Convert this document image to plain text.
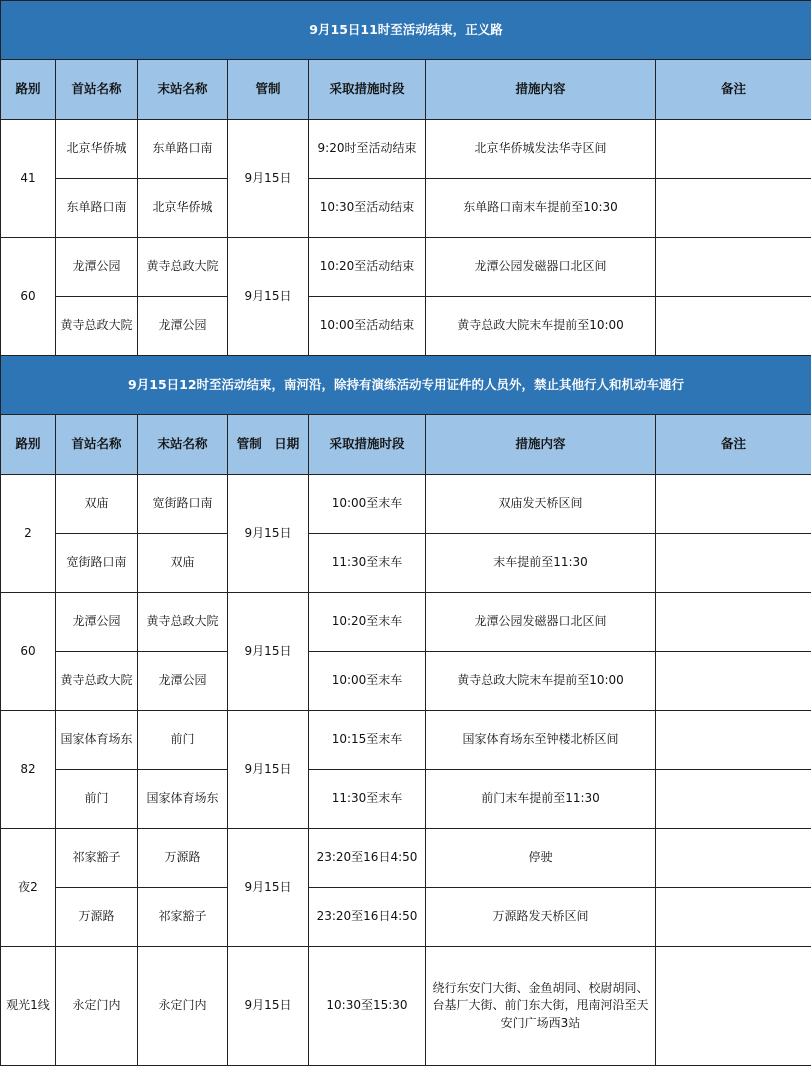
9月15日11时至活动结束，正义路						
路别	首站名称	末站名称	管制	采取措施时段	措施内容	备注
41	北京华侨城	东单路口南	9月15日	9:20时至活动结束	北京华侨城发法华寺区间	
	东单路口南	北京华侨城		10:30至活动结束	东单路口南末车提前至10:30	
60	龙潭公园	黄寺总政大院	9月15日	10:20至活动结束	龙潭公园发磁器口北区间	
	黄寺总政大院	龙潭公园		10:00至活动结束	黄寺总政大院末车提前至10:00	
9月15日12时至活动结束，南河沿，除持有演练活动专用证件的人员外，禁止其他行人和机动车通行						
路别	首站名称	末站名称	管制　日期	采取措施时段	措施内容	备注
2	双庙	宽街路口南	9月15日	10:00至末车	双庙发天桥区间	
	宽街路口南	双庙		11:30至末车	末车提前至11:30	
60	龙潭公园	黄寺总政大院	9月15日	10:20至末车	龙潭公园发磁器口北区间	
	黄寺总政大院	龙潭公园		10:00至末车	黄寺总政大院末车提前至10:00	
82	国家体育场东	前门	9月15日	10:15至末车	国家体育场东至钟楼北桥区间	
	前门	国家体育场东		11:30至末车	前门末车提前至11:30	
夜2	祁家豁子	万源路	9月15日	23:20至16日4:50	停驶	
	万源路	祁家豁子		23:20至16日4:50	万源路发天桥区间	
观光1线	永定门内	永定门内	9月15日	10:30至15:30	绕行东安门大街、金鱼胡同、校尉胡同、台基厂大街、前门东大街，甩南河沿至天安门广场西3站	
